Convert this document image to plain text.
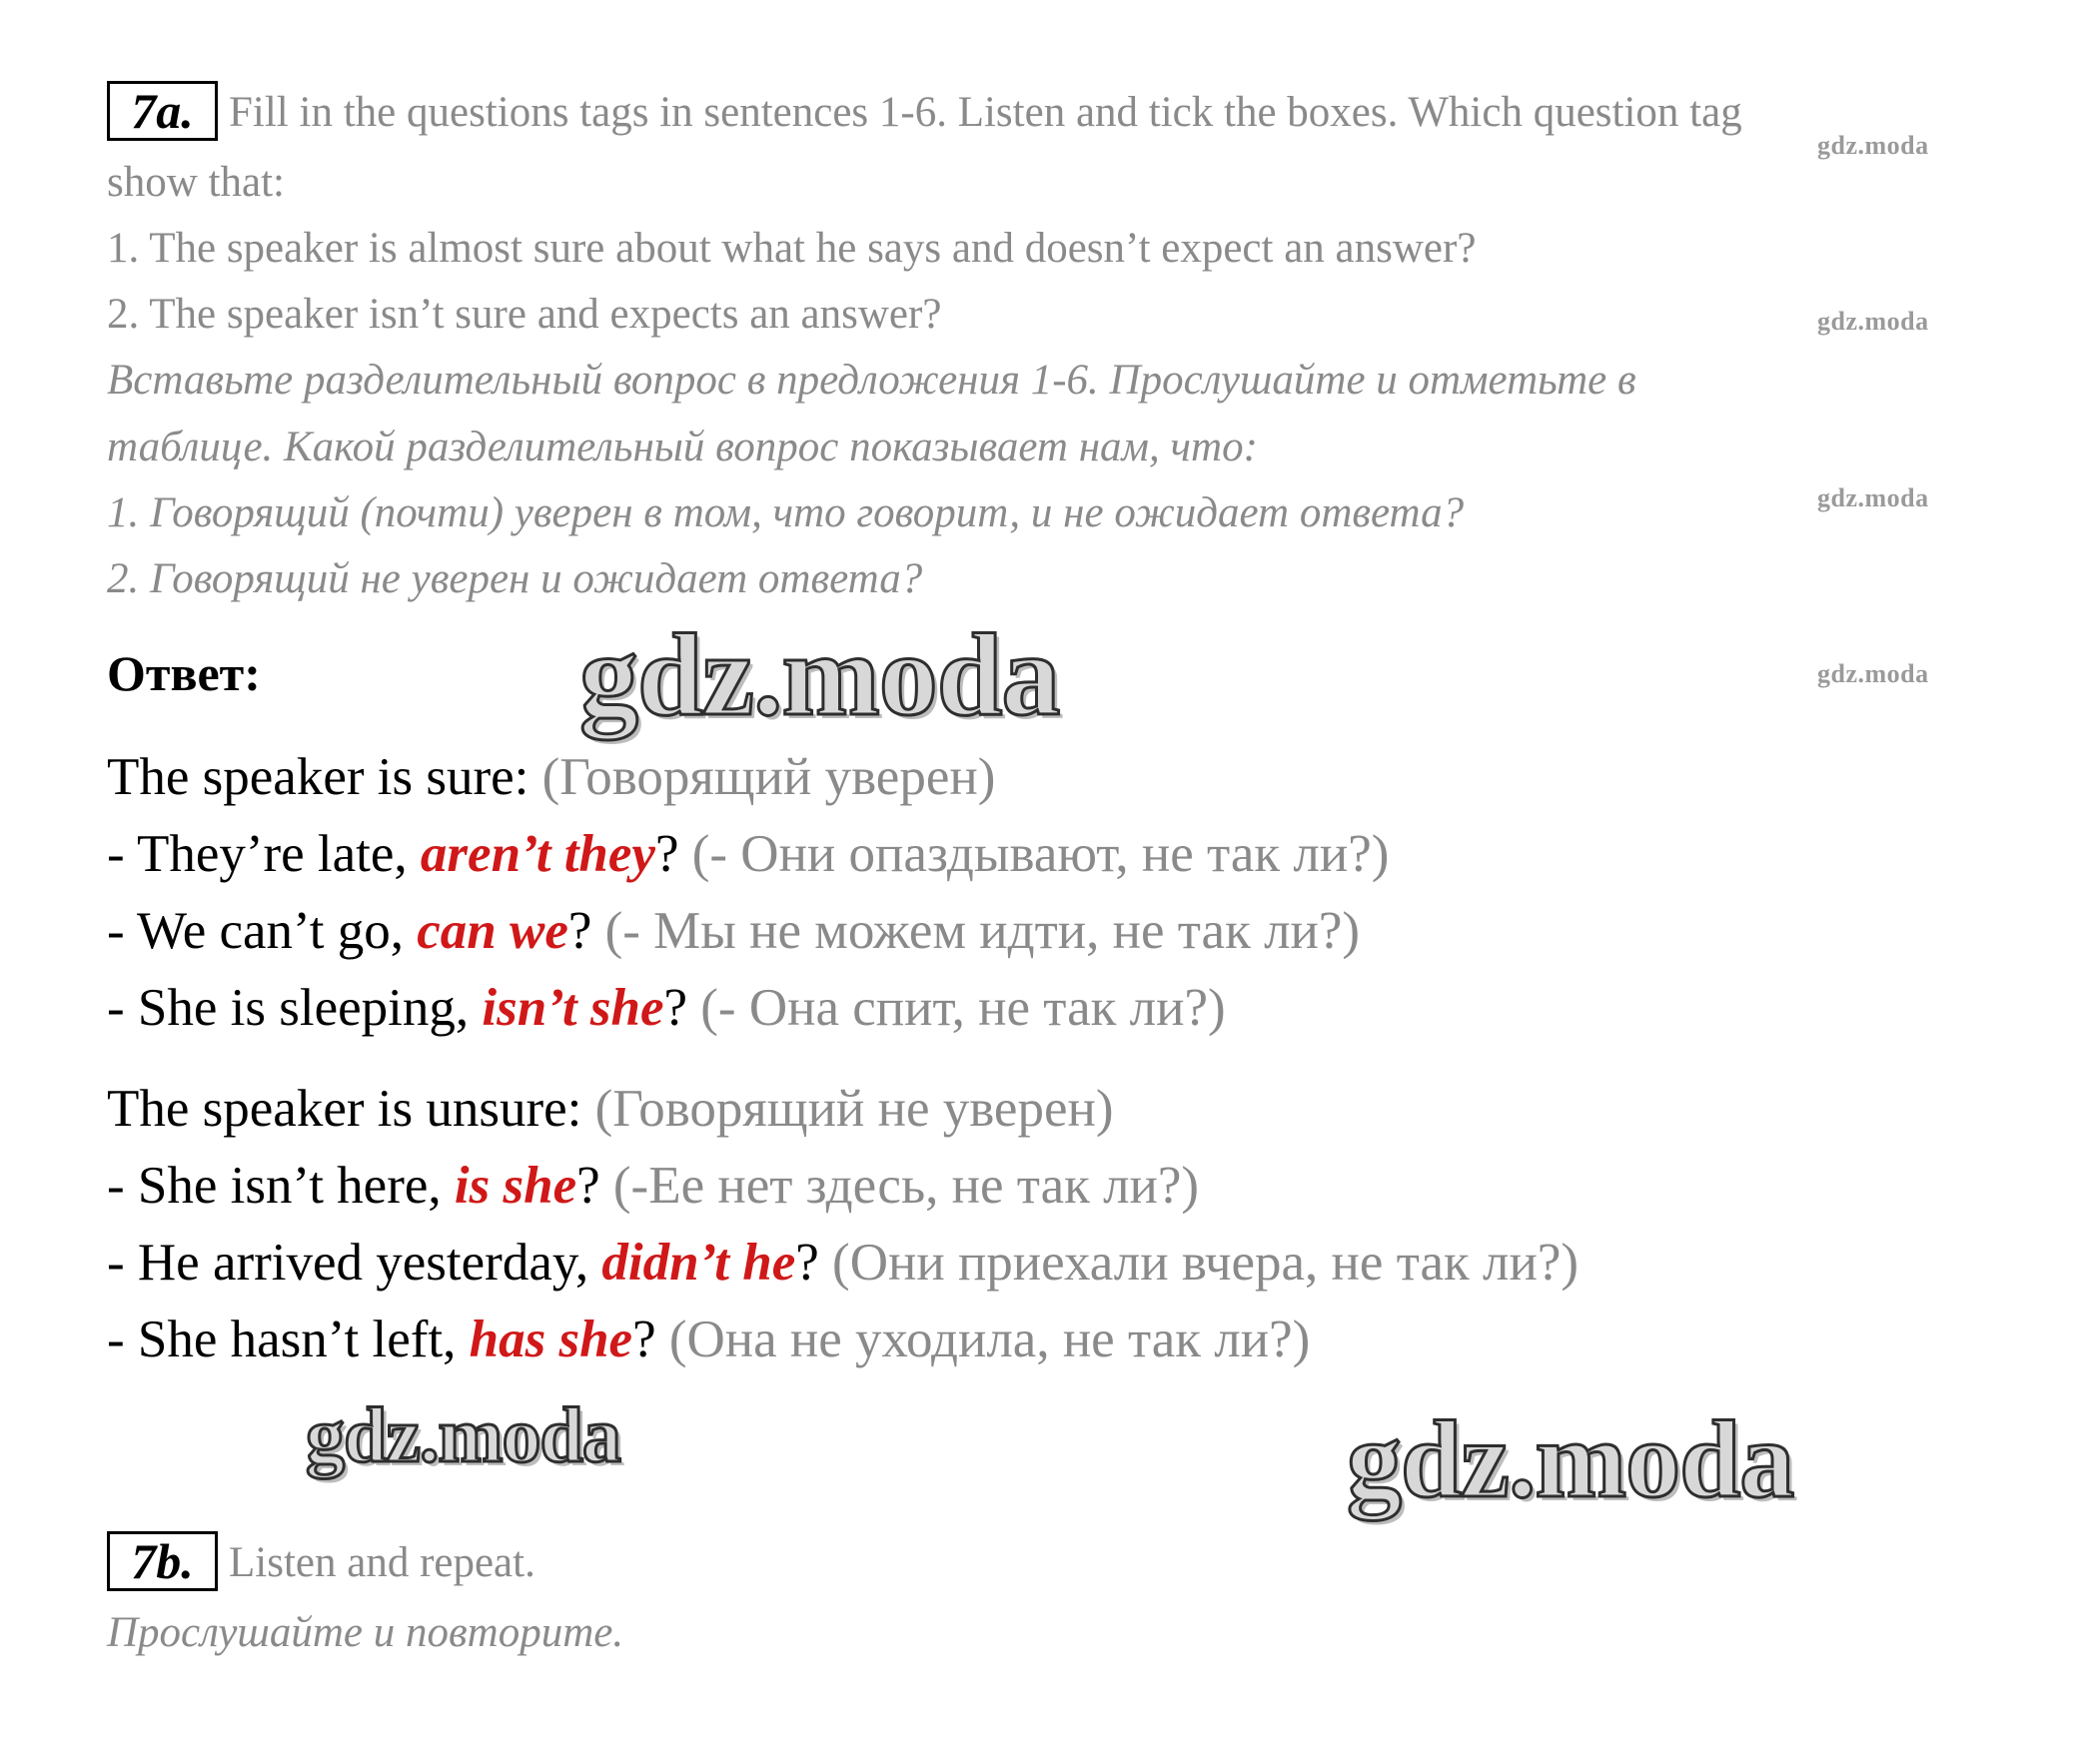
7a. Fill in the questions tags in sentences 1-6. Listen and tick the boxes. Which question tag
show that:
1. The speaker is almost sure about what he says and doesn’t expect an answer?
2. The speaker isn’t sure and expects an answer?
Вставьте разделительный вопрос в предложения 1-6. Прослушайте и отметьте в
таблице. Какой разделительный вопрос показывает нам, что:
1. Говорящий (почти) уверен в том, что говорит, и не ожидает ответа?
2. Говорящий не уверен и ожидает ответа?
gdz.moda
gdz.moda
gdz.moda
gdz.moda
Ответ:	gdz.moda
The speaker is sure: (Говорящий уверен)
- They’re late, aren’t they? (- Они опаздывают, не так ли?)
- We can’t go, can we? (- Мы не можем идти, не так ли?)
- She is sleeping, isn’t she? (- Она спит, не так ли?)
The speaker is unsure: (Говорящий не уверен)
- She isn’t here, is she? (-Ее нет здесь, не так ли?)
- He arrived yesterday, didn’t he? (Они приехали вчера, не так ли?)
- She hasn’t left, has she? (Она не уходила, не так ли?)
gdz.moda	gdz.moda
7b. Listen and repeat.
Прослушайте и повторите.
